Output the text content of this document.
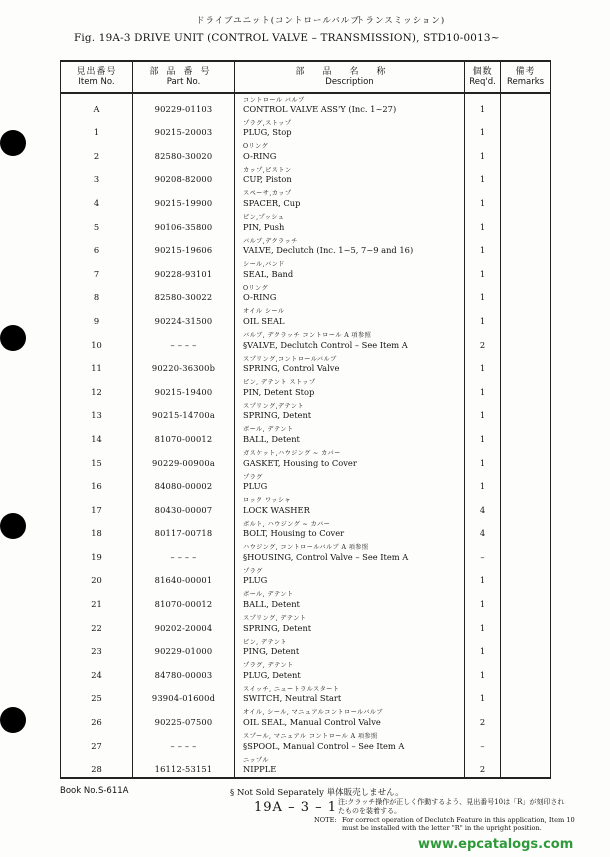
ドライブユニット(コントロールバルブ
トランスミッション)
Fig. 19A-3 DRIVE UNIT (CONTROL VALVE – TRANSMISSION), STD10-0013~
見出番号
Item No.	部品番号
Part No.	部品名称
Description	個数
Req'd.	備考
Remarks

A	90229-01103	コントロール バルブ
CONTROL VALVE ASS'Y (Inc. 1~27)	1	
1	90215-20003	プラグ,ストップ
PLUG, Stop	1	
2	82580-30020	Oリング
O-RING	1	
3	90208-82000	カップ,ピストン
CUP, Piston	1	
4	90215-19900	スペーサ,カップ
SPACER, Cup	1	
5	90106-35800	ピン,プッシュ
PIN, Push	1	
6	90215-19606	バルブ,デクラッチ
VALVE, Declutch (Inc. 1~5, 7~9 and 16)	1	
7	90228-93101	シール,バンド
SEAL, Band	1	
8	82580-30022	Oリング
O-RING	1	
9	90224-31500	オイル シール
OIL SEAL	1	
10	– – – –	バルブ, デクラッチ コントロール A 項参照
§VALVE, Declutch Control – See Item A	2	
11	90220-36300b	スプリング,コントロールバルブ
SPRING, Control Valve	1	
12	90215-19400	ピン, デテント ストップ
PIN, Detent Stop	1	
13	90215-14700a	スプリング,デテント
SPRING, Detent	1	
14	81070-00012	ボール, デテント
BALL, Detent	1	
15	90229-00900a	ガスケット,ハウジング ~ カバー
GASKET, Housing to Cover	1	
16	84080-00002	プラグ
PLUG	1	
17	80430-00007	ロック ワッシャ
LOCK WASHER	4	
18	80117-00718	ボルト, ハウジング ~ カバー
BOLT, Housing to Cover	4	
19	– – – –	ハウジング, コントロールバルブ A 項参照
§HOUSING, Control Valve – See Item A	–	
20	81640-00001	プラグ
PLUG	1	
21	81070-00012	ボール, デテント
BALL, Detent	1	
22	90202-20004	スプリング, デテント
SPRING, Detent	1	
23	90229-01000	ピン, デテント
PING, Detent	1	
24	84780-00003	プラグ, デテント
PLUG, Detent	1	
25	93904-01600d	スイッチ, ニュートラルスタート
SWITCH, Neutral Start	1	
26	90225-07500	オイル, シール, マニュアルコントロールバルブ
OIL SEAL, Manual Control Valve	2	
27	– – – –	スプール, マニュアル コントロール A 項参照
§SPOOL, Manual Control – See Item A	–	
28	16112-53151	ニップル
NIPPLE	2	
Book No.S-611A	§ Not Sold Separately 単体販売しません。
19A – 3 – 1 注:クラッチ操作が正しく作動するよう、見出番号10は「R」が刻印されたものを装着する。
NOTE: For correct operation of Declutch Feature in this application, Item 10 must be installed with the letter "R" in the upright position.
www.epcatalogs.com
